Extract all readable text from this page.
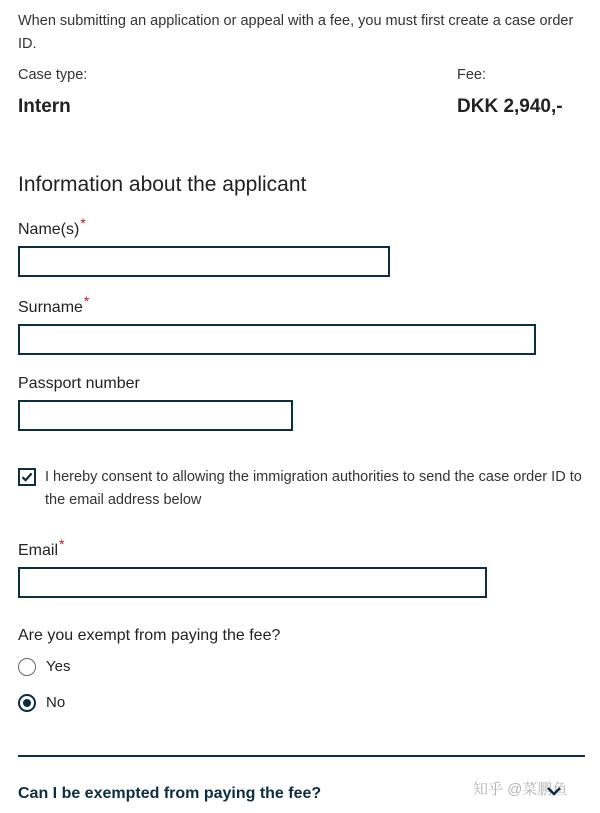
When submitting an application or appeal with a fee, you must first create a case order ID.

Case type:	Fee:
Intern	DKK 2,940,-
Information about the applicant
Name(s)*
Surname*
Passport number
I hereby consent to allowing the immigration authorities to send the case order ID to the email address below
Email*

Are you exempt from paying the fee?

Yes
No
知乎 @菜鹏鱼
Can I be exempted from paying the fee?
